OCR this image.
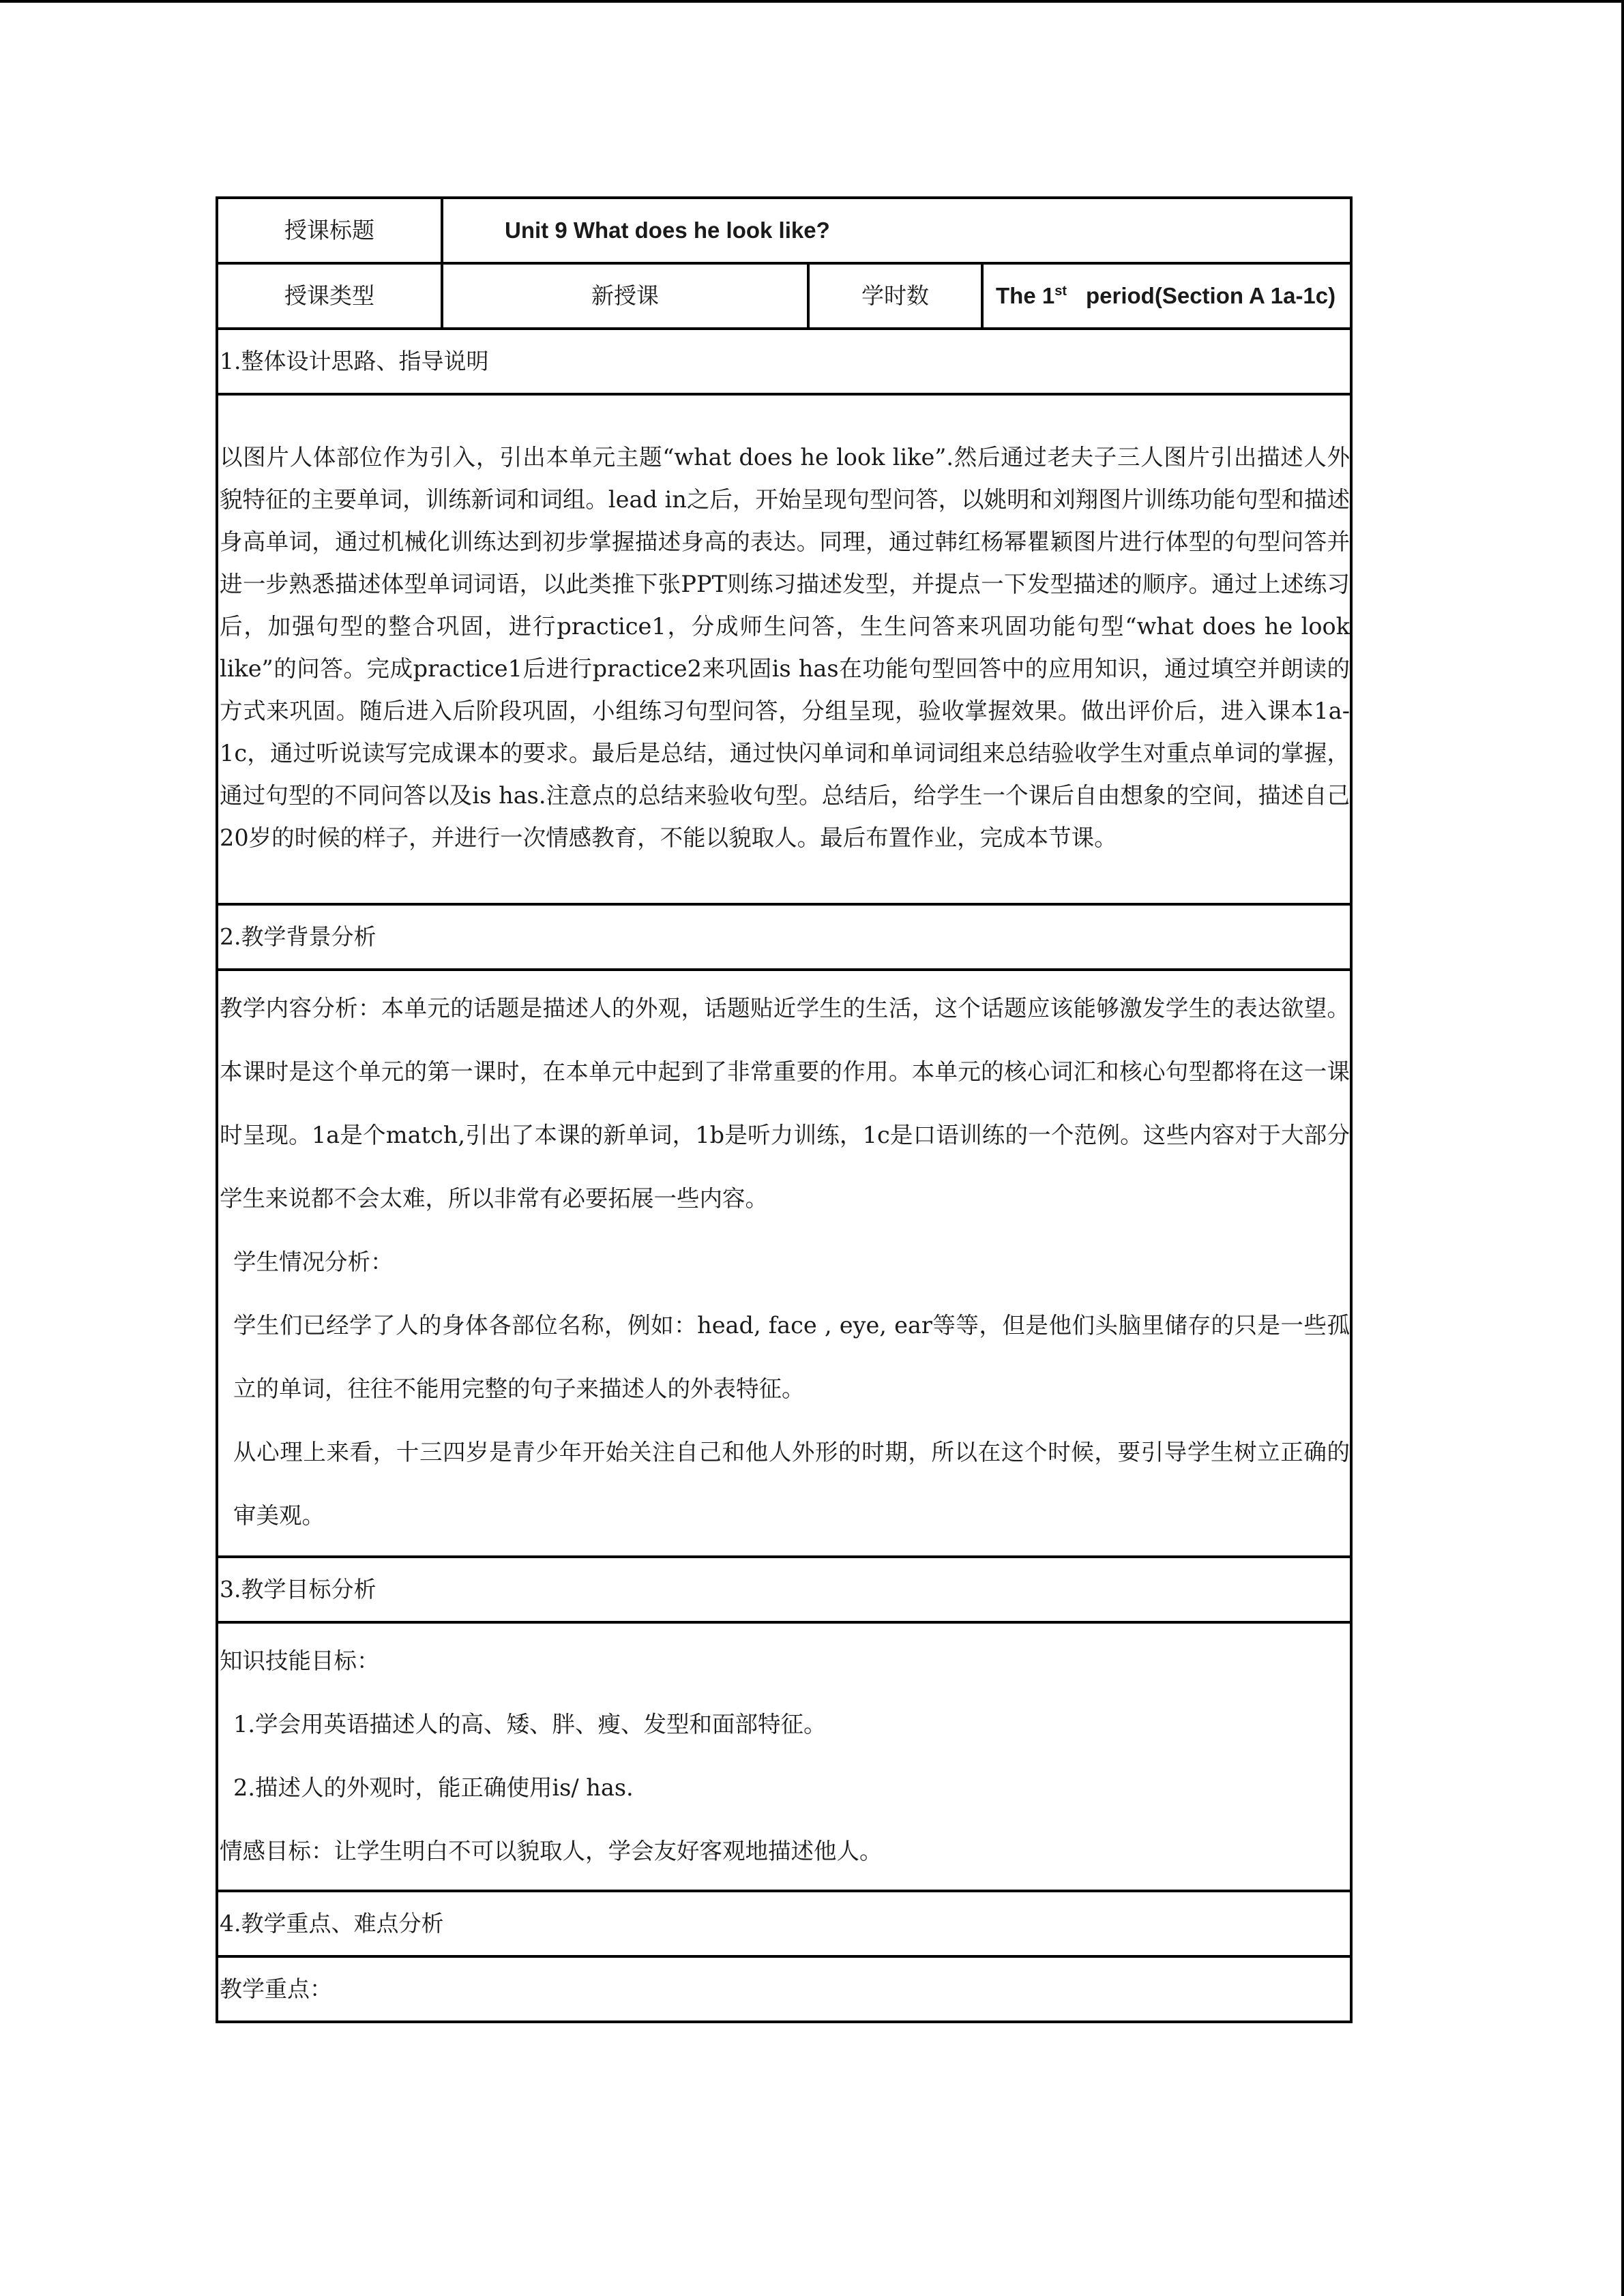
授课标题	Unit 9 What does he look like?		
授课类型	新授课	学时数	The 1st period(Section A 1a-1c)
1.整体设计思路、指导说明			

以图片人体部位作为引入，引出本单元主题“what does he look like”.然后通过老夫子三人图片引出描述人外貌特征的主要单词，训练新词和词组。lead in之后，开始呈现句型问答，以姚明和刘翔图片训练功能句型和描述身高单词，通过机械化训练达到初步掌握描述身高的表达。同理，通过韩红杨幂瞿颖图片进行体型的句型问答并进一步熟悉描述体型单词词语，以此类推下张PPT则练习描述发型，并提点一下发型描述的顺序。通过上述练习后，加强句型的整合巩固，进行practice1，分成师生问答，生生问答来巩固功能句型“what does he look like”的问答。完成practice1后进行practice2来巩固is has在功能句型回答中的应用知识，通过填空并朗读的方式来巩固。随后进入后阶段巩固，小组练习句型问答，分组呈现，验收掌握效果。做出评价后，进入课本1a-1c，通过听说读写完成课本的要求。最后是总结，通过快闪单词和单词词组来总结验收学生对重点单词的掌握，通过句型的不同问答以及is has.注意点的总结来验收句型。总结后，给学生一个课后自由想象的空间，描述自己20岁的时候的样子，并进行一次情感教育，不能以貌取人。最后布置作业，完成本节课。			

2.教学背景分析			

教学内容分析：本单元的话题是描述人的外观，话题贴近学生的生活，这个话题应该能够激发学生的表达欲望。本课时是这个单元的第一课时，在本单元中起到了非常重要的作用。本单元的核心词汇和核心句型都将在这一课时呈现。1a是个match,引出了本课的新单词，1b是听力训练，1c是口语训练的一个范例。这些内容对于大部分学生来说都不会太难，所以非常有必要拓展一些内容。

学生情况分析：

学生们已经学了人的身体各部位名称，例如：head, face , eye, ear等等，但是他们头脑里储存的只是一些孤立的单词，往往不能用完整的句子来描述人的外表特征。

从心理上来看，十三四岁是青少年开始关注自己和他人外形的时期，所以在这个时候，要引导学生树立正确的审美观。			

3.教学目标分析			

知识技能目标：

1.学会用英语描述人的高、矮、胖、瘦、发型和面部特征。

2.描述人的外观时，能正确使用is/ has.

情感目标：让学生明白不可以貌取人，学会友好客观地描述他人。			

4.教学重点、难点分析			
教学重点：			
